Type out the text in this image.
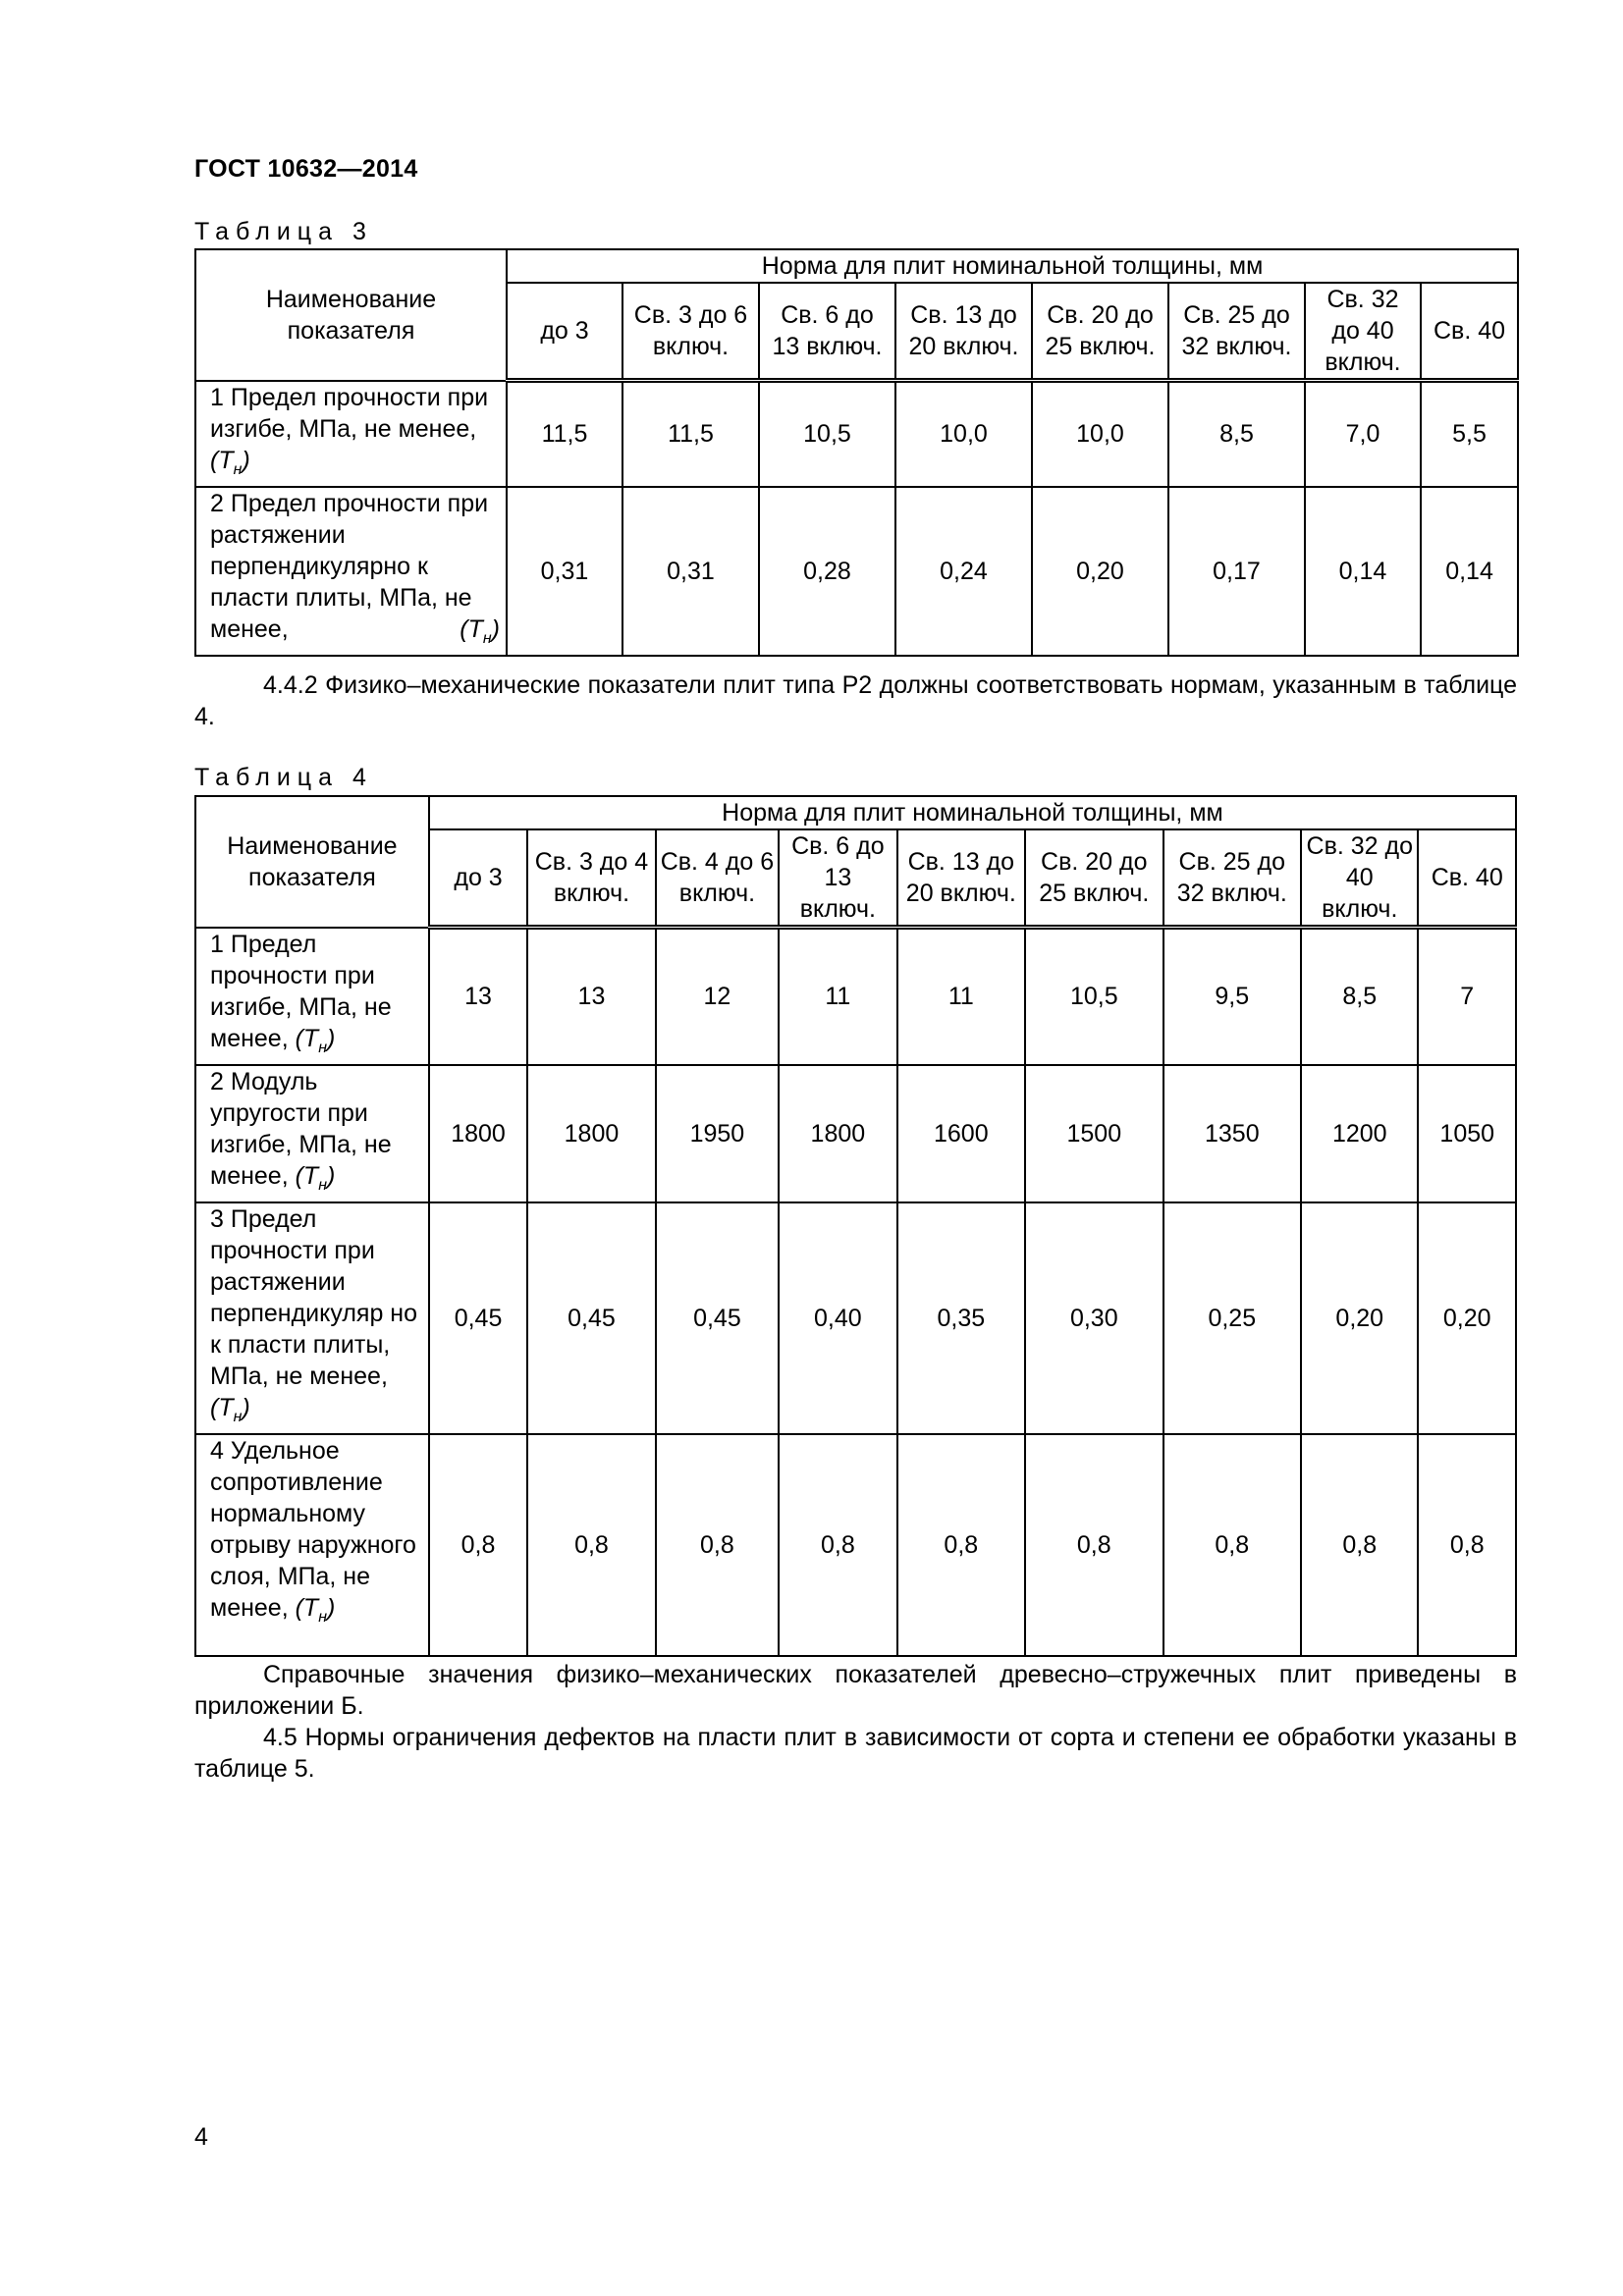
ГОСТ 10632—2014
Таблица 3
Наименование показателя	Норма для плит номинальной толщины, мм							
	до 3	Св. 3 до 6 включ.	Св. 6 до 13 включ.	Св. 13 до 20 включ.	Св. 20 до 25 включ.	Св. 25 до 32 включ.	Св. 32 до 40 включ.	Св. 40
1 Предел прочности при изгибе, МПа, не менее, $(Т_н)$	11,5	11,5	10,5	10,0	10,0	8,5	7,0	5,5
2 Предел прочности при растяжении перпендикулярно к пласти плиты, МПа, не менее, $(Т_н)$	0,31	0,31	0,28	0,24	0,20	0,17	0,14	0,14
4.4.2 Физико–механические показатели плит типа Р2 должны соответствовать нормам, указанным в таблице 4.
Таблица 4
Наименование показателя	Норма для плит номинальной толщины, мм								
	до 3	Св. 3 до 4 включ.	Св. 4 до 6 включ.	Св. 6 до 13 включ.	Св. 13 до 20 включ.	Св. 20 до 25 включ.	Св. 25 до 32 включ.	Св. 32 до 40 включ.	Св. 40
1 Предел прочности при изгибе, МПа, не менее, $(Т_н)$	13	13	12	11	11	10,5	9,5	8,5	7
2 Модуль упругости при изгибе, МПа, не менее, $(Т_н)$	1800	1800	1950	1800	1600	1500	1350	1200	1050
3 Предел прочности при растяжении перпендикуляр но к пласти плиты, МПа, не менее, $(Т_н)$	0,45	0,45	0,45	0,40	0,35	0,30	0,25	0,20	0,20
4 Удельное сопротивление нормальному отрыву наружного слоя, МПа, не менее, $(Т_н)$	0,8	0,8	0,8	0,8	0,8	0,8	0,8	0,8	0,8
Справочные значения физико–механических показателей древесно–стружечных плит приведены в приложении Б.
4.5 Нормы ограничения дефектов на пласти плит в зависимости от сорта и степени ее обработки указаны в таблице 5.
4
